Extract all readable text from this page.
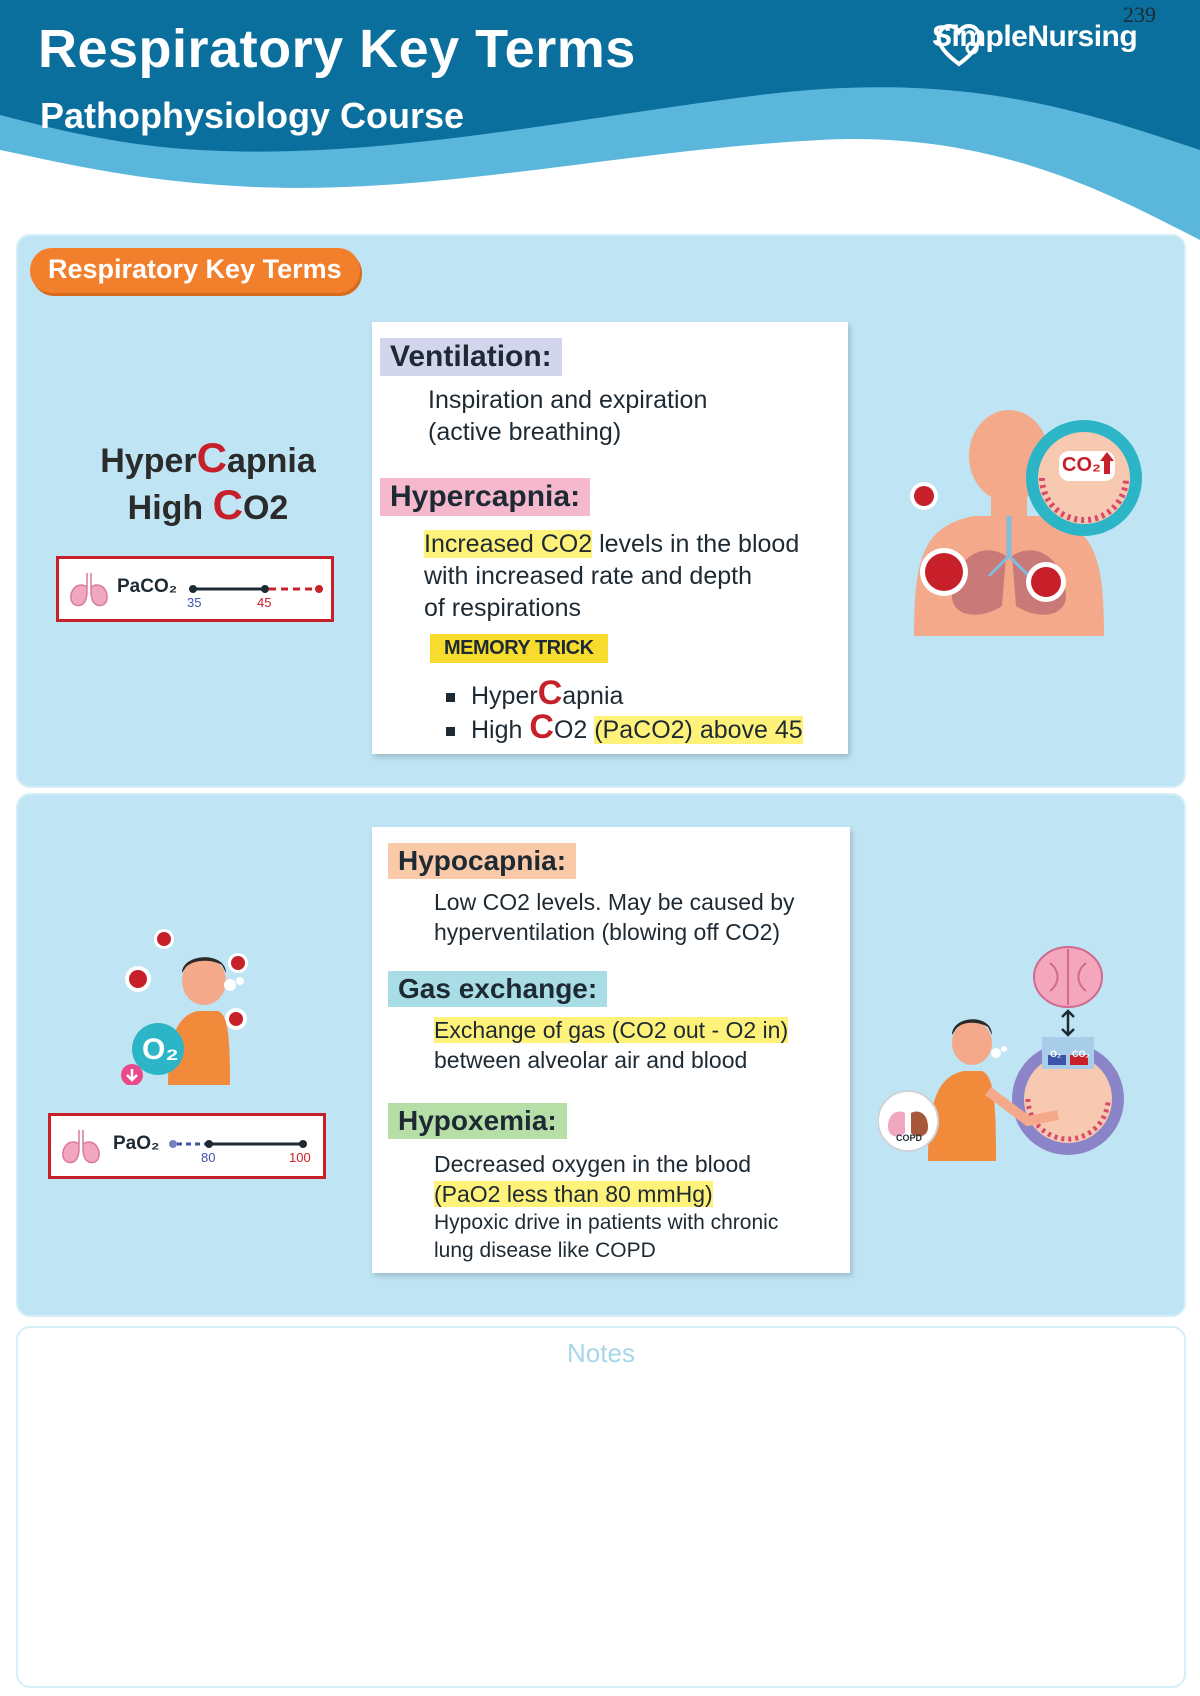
Respiratory Key Terms
Pathophysiology Course
239
SimpleNursing
Respiratory Key Terms
HyperCapnia
High CO2
PaCO₂
35	45
Ventilation:
Inspiration and expiration
(active breathing)
Hypercapnia:
Increased CO2 levels in the blood
with increased rate and depth
of respirations
MEMORY TRICK
HyperCapnia
High CO2 (PaCO2) above 45
CO₂
O₂
PaO₂
80	100
Hypocapnia:
Low CO2 levels. May be caused by
hyperventilation (blowing off CO2)
Gas exchange:
Exchange of gas (CO2 out - O2 in)
between alveolar air and blood
Hypoxemia:
Decreased oxygen in the blood
(PaO2 less than 80 mmHg)
Hypoxic drive in patients with chronic
lung disease like COPD
COPD
O₂ CO₂
Notes
